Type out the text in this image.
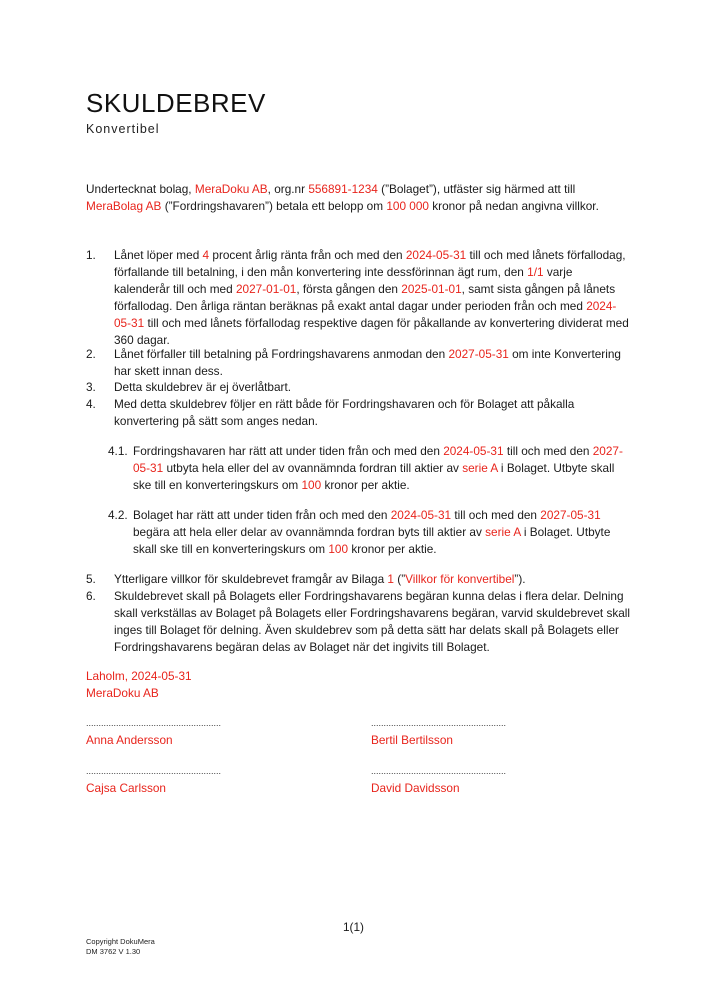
SKULDEBREV
Konvertibel
Undertecknat bolag, MeraDoku AB, org.nr 556891-1234 (”Bolaget”), utfäster sig härmed att till MeraBolag AB (”Fordringshavaren”) betala ett belopp om 100 000 kronor på nedan angivna villkor.
1. Lånet löper med 4 procent årlig ränta från och med den 2024-05-31 till och med lånets förfallodag, förfallande till betalning, i den mån konvertering inte dessförinnan ägt rum, den 1/1 varje kalenderår till och med 2027-01-01, första gången den 2025-01-01, samt sista gången på lånets förfallodag. Den årliga räntan beräknas på exakt antal dagar under perioden från och med 2024-05-31 till och med lånets förfallodag respektive dagen för påkallande av konvertering dividerat med 360 dagar.
2. Lånet förfaller till betalning på Fordringshavarens anmodan den 2027-05-31 om inte Konvertering har skett innan dess.
3. Detta skuldebrev är ej överlåtbart.
4. Med detta skuldebrev följer en rätt både för Fordringshavaren och för Bolaget att påkalla konvertering på sätt som anges nedan.
4.1. Fordringshavaren har rätt att under tiden från och med den 2024-05-31 till och med den 2027-05-31 utbyta hela eller del av ovannämnda fordran till aktier av serie A i Bolaget. Utbyte skall ske till en konverteringskurs om 100 kronor per aktie.
4.2. Bolaget har rätt att under tiden från och med den 2024-05-31 till och med den 2027-05-31 begära att hela eller delar av ovannämnda fordran byts till aktier av serie A i Bolaget. Utbyte skall ske till en konverteringskurs om 100 kronor per aktie.
5. Ytterligare villkor för skuldebrevet framgår av Bilaga 1 (”Villkor för konvertibel”).
6. Skuldebrevet skall på Bolagets eller Fordringshavarens begäran kunna delas i flera delar. Delning skall verkställas av Bolaget på Bolagets eller Fordringshavarens begäran, varvid skuldebrevet skall inges till Bolaget för delning. Även skuldebrev som på detta sätt har delats skall på Bolagets eller Fordringshavarens begäran delas av Bolaget när det ingivits till Bolaget.
Laholm, 2024-05-31
MeraDoku AB
......................................................
Anna Andersson
......................................................
Bertil Bertilsson
......................................................
Cajsa Carlsson
......................................................
David Davidsson
1(1)
Copyright DokuMera
DM 3762 V 1.30
